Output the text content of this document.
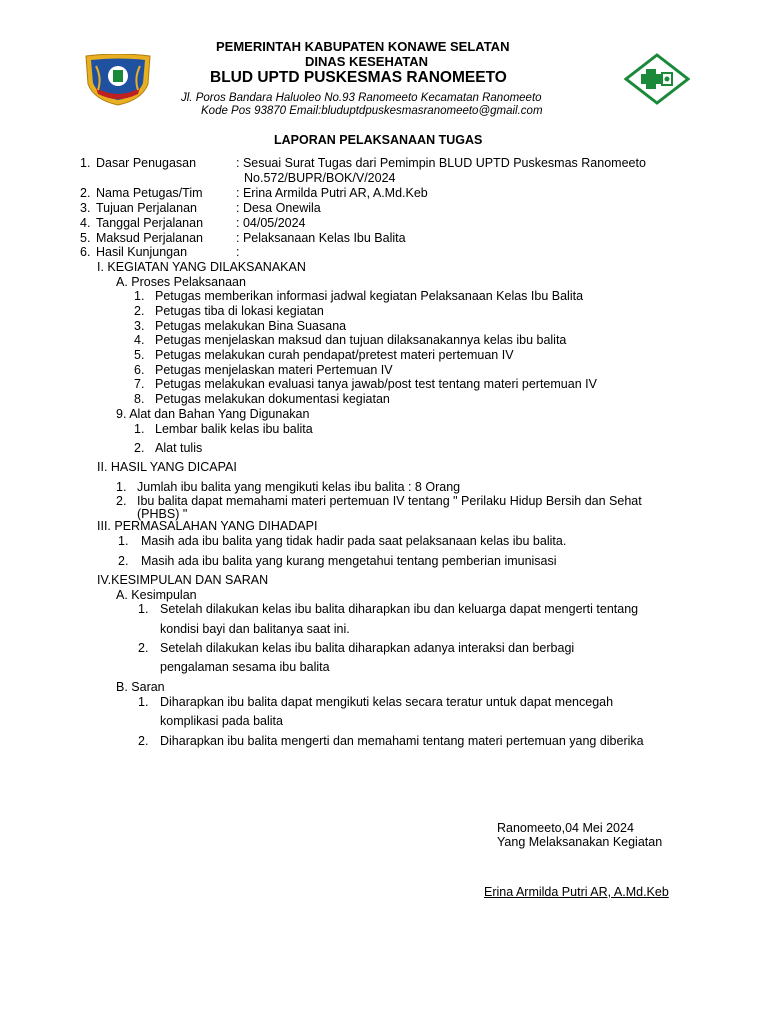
PEMERINTAH KABUPATEN KONAWE SELATAN
DINAS KESEHATAN
BLUD UPTD PUSKESMAS RANOMEETO
Jl. Poros Bandara Haluoleo No.93 Ranomeeto Kecamatan Ranomeeto
Kode Pos 93870 Email:bluduptdpuskesmasranomeeto@gmail.com
LAPORAN PELAKSANAAN TUGAS
1. Dasar Penugasan	: Sesuai Surat Tugas dari Pemimpin BLUD UPTD Puskesmas Ranomeeto
No.572/BUPR/BOK/V/2024
2. Nama Petugas/Tim	: Erina Armilda Putri AR, A.Md.Keb
3. Tujuan Perjalanan	: Desa Onewila
4. Tanggal Perjalanan	: 04/05/2024
5. Maksud Perjalanan	: Pelaksanaan Kelas Ibu Balita
6. Hasil Kunjungan	:
I. KEGIATAN YANG DILAKSANAKAN
A. Proses Pelaksanaan
1. Petugas memberikan informasi jadwal kegiatan Pelaksanaan Kelas Ibu Balita
2. Petugas tiba di lokasi kegiatan
3. Petugas melakukan Bina Suasana
4. Petugas menjelaskan maksud dan tujuan dilaksanakannya kelas ibu balita
5. Petugas melakukan curah pendapat/pretest materi pertemuan IV
6. Petugas menjelaskan materi Pertemuan IV
7. Petugas melakukan evaluasi tanya jawab/post test tentang materi pertemuan IV
8. Petugas melakukan dokumentasi kegiatan
9. Alat dan Bahan Yang Digunakan
1. Lembar balik kelas ibu balita
2. Alat tulis
II. HASIL YANG DICAPAI
1. Jumlah ibu balita yang mengikuti kelas ibu balita : 8 Orang
2. Ibu balita dapat memahami materi pertemuan IV tentang " Perilaku Hidup Bersih dan Sehat
(PHBS) "
III. PERMASALAHAN YANG DIHADAPI
1. Masih ada ibu balita yang tidak hadir pada saat pelaksanaan kelas ibu balita.
2. Masih ada ibu balita yang kurang mengetahui tentang pemberian imunisasi
IV.KESIMPULAN DAN SARAN
A. Kesimpulan
1. Setelah dilakukan kelas ibu balita diharapkan ibu dan keluarga dapat mengerti tentang
kondisi bayi dan balitanya saat ini.
2. Setelah dilakukan kelas ibu balita diharapkan adanya interaksi dan berbagi
pengalaman sesama ibu balita
B. Saran
1. Diharapkan ibu balita dapat mengikuti kelas secara teratur untuk dapat mencegah
komplikasi pada balita
2. Diharapkan ibu balita mengerti dan memahami tentang materi pertemuan yang diberika
Ranomeeto,04 Mei 2024
Yang Melaksanakan Kegiatan
Erina Armilda Putri AR, A.Md.Keb
